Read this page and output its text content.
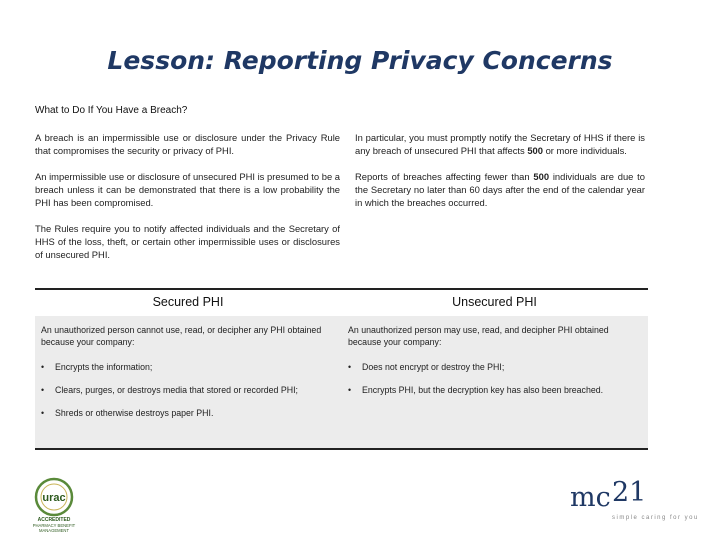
Lesson: Reporting Privacy Concerns
What to Do If You Have a Breach?

A breach is an impermissible use or disclosure under the Privacy Rule that compromises the security or privacy of PHI.

An impermissible use or disclosure of unsecured PHI is presumed to be a breach unless it can be demonstrated that there is a low probability the PHI has been compromised.

The Rules require you to notify affected individuals and the Secretary of HHS of the loss, theft, or certain other impermissible uses or disclosures of unsecured PHI.

In particular, you must promptly notify the Secretary of HHS if there is any breach of unsecured PHI that affects 500 or more individuals.

Reports of breaches affecting fewer than 500 individuals are due to the Secretary no later than 60 days after the end of the calendar year in which the breaches occurred.

Secured PHI	Unsecured PHI
An unauthorized person cannot use, read, or decipher any PHI obtained because your company:
An unauthorized person may use, read, and decipher PHI obtained because your company:
• Encrypts the information;
• Clears, purges, or destroys media that stored or recorded PHI;
• Shreds or otherwise destroys paper PHI.
• Does not encrypt or destroy the PHI;
• Encrypts PHI, but the decryption key has also been breached.
urac
ACCREDITED
PHARMACY BENEFIT
MANAGEMENT
mc 21
simple caring for you
